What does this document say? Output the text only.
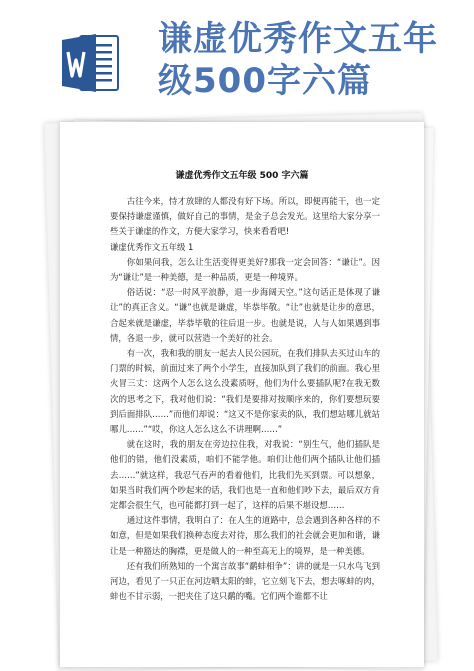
谦虚优秀作文五年级500字六篇
谦虚优秀作文五年级 500 字六篇

古往今来，恃才放肆的人都没有好下场。所以，即便再能干，也一定要保持谦虚谨慎，做好自己的事情，是金子总会发光。这里给大家分享一些关于谦虚的作文，方便大家学习，快来看看吧!

谦虚优秀作文五年级 1

你如果问我，怎么让生活变得更美好?那我一定会回答：“谦让”。因为“谦让”是一种美德，是一种品质，更是一种境界。

俗话说：“忍一时风平浪静，退一步海阔天空。”这句话正是体现了谦让”的真正含义。“谦”也就是谦虚，毕恭毕敬。“让”也就是让步的意思，合起来就是谦虚，毕恭毕敬的往后退一步。也就是说，人与人如果遇到事情，各退一步，就可以营造一个美好的社会。

有一次，我和我的朋友一起去人民公园玩，在我们排队去买过山车的门票的时候，前面过来了两个小学生，直接加队到了我们的前面。我心里火冒三丈：这两个人怎么这么没素质呀，他们为什么要插队呢?在我无数次的思考之下，我对他们说：“我们是要排对按顺序来的，你们要想玩要到后面排队……”而他们却说：“这又不是你家卖的队，我们想站哪儿就站哪儿……”“哎，你这人怎么这么不讲理啊……”

就在这时，我的朋友在旁边拉住我，对我说：“别生气，他们插队是他们的错，他们没素质，咱们不能学他。咱们让他们两个插队让他们插去……”就这样，我忍气吞声的看着他们，比我们先买到票。可以想象，如果当时我们两个吵起来的话，我们也是一直和他们吵下去，最后双方肯定都会很生气，也可能都打到一起了，这样的后果不堪设想……

通过这件事情，我明白了：在人生的道路中，总会遇到各种各样的不如意，但是如果我们换种态度去对待，那么我们的社会就会更加和谐，谦让是一种豁达的胸襟，更是做人的一种至高无上的境界，是一种美德。

还有我们所熟知的一个寓言故事“鹬蚌相争”：讲的就是一只水鸟飞到河边，看见了一只正在河边晒太阳的蚌，它立刻飞下去，想去啄蚌的肉，蚌也不甘示弱，一把夹住了这只鹬的嘴。它们两个谁都不让
